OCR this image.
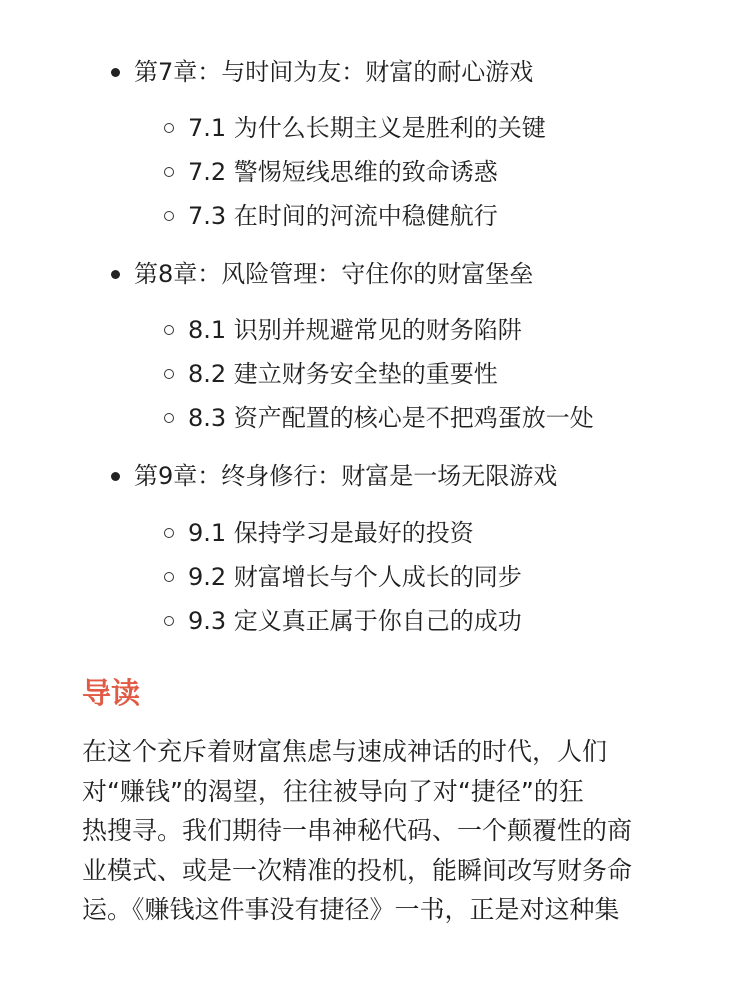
第7章：与时间为友：财富的耐心游戏
7.1 为什么长期主义是胜利的关键
7.2 警惕短线思维的致命诱惑
7.3 在时间的河流中稳健航行
第8章：风险管理：守住你的财富堡垒
8.1 识别并规避常见的财务陷阱
8.2 建立财务安全垫的重要性
8.3 资产配置的核心是不把鸡蛋放一处
第9章：终身修行：财富是一场无限游戏
9.1 保持学习是最好的投资
9.2 财富增长与个人成长的同步
9.3 定义真正属于你自己的成功
导读
在这个充斥着财富焦虑与速成神话的时代，人们
对“赚钱”的渴望，往往被导向了对“捷径”的狂
热搜寻。我们期待一串神秘代码、一个颠覆性的商
业模式、或是一次精准的投机，能瞬间改写财务命
运。《赚钱这件事没有捷径》一书，正是对这种集
